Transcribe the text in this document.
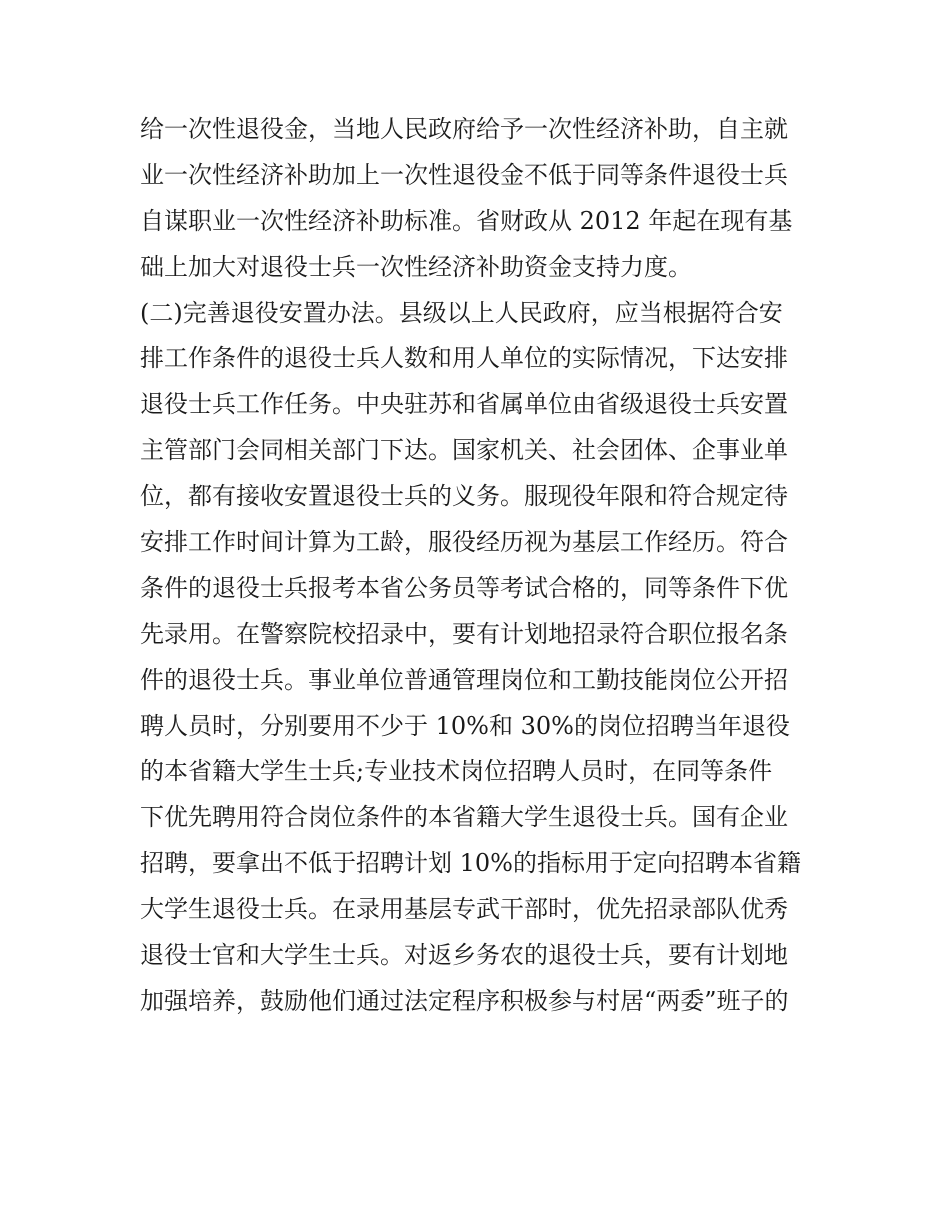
给一次性退役金，当地人民政府给予一次性经济补助，自主就
业一次性经济补助加上一次性退役金不低于同等条件退役士兵
自谋职业一次性经济补助标准。省财政从 2012 年起在现有基
础上加大对退役士兵一次性经济补助资金支持力度。
(二)完善退役安置办法。县级以上人民政府，应当根据符合安
排工作条件的退役士兵人数和用人单位的实际情况，下达安排
退役士兵工作任务。中央驻苏和省属单位由省级退役士兵安置
主管部门会同相关部门下达。国家机关、社会团体、企事业单
位，都有接收安置退役士兵的义务。服现役年限和符合规定待
安排工作时间计算为工龄，服役经历视为基层工作经历。符合
条件的退役士兵报考本省公务员等考试合格的，同等条件下优
先录用。在警察院校招录中，要有计划地招录符合职位报名条
件的退役士兵。事业单位普通管理岗位和工勤技能岗位公开招
聘人员时，分别要用不少于 10%和 30%的岗位招聘当年退役
的本省籍大学生士兵;专业技术岗位招聘人员时，在同等条件
下优先聘用符合岗位条件的本省籍大学生退役士兵。国有企业
招聘，要拿出不低于招聘计划 10%的指标用于定向招聘本省籍
大学生退役士兵。在录用基层专武干部时，优先招录部队优秀
退役士官和大学生士兵。对返乡务农的退役士兵，要有计划地
加强培养，鼓励他们通过法定程序积极参与村居“两委”班子的
